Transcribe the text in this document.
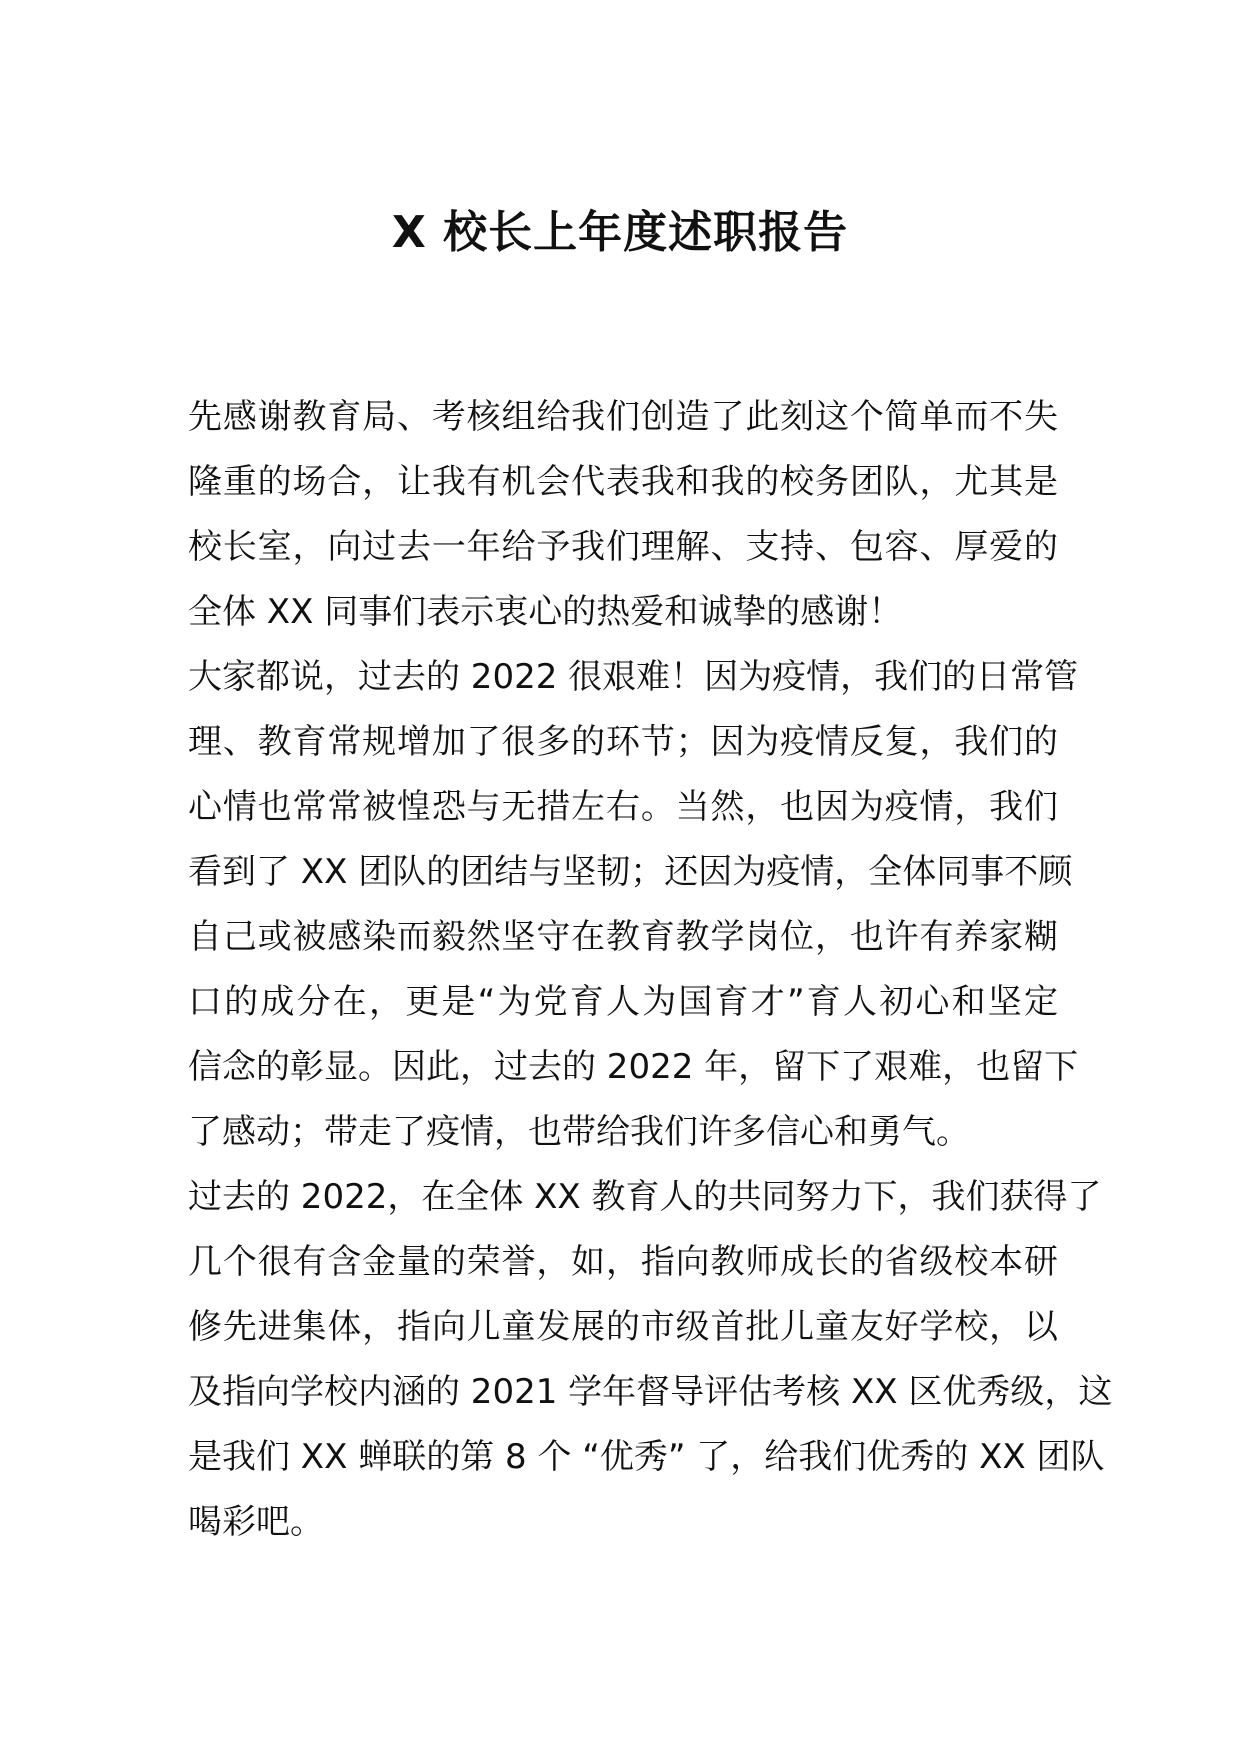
X 校长上年度述职报告
先感谢教育局、考核组给我们创造了此刻这个简单而不失
隆重的场合，让我有机会代表我和我的校务团队，尤其是
校长室，向过去一年给予我们理解、支持、包容、厚爱的
全体 XX 同事们表示衷心的热爱和诚挚的感谢！
大家都说，过去的 2022 很艰难！因为疫情，我们的日常管
理、教育常规增加了很多的环节；因为疫情反复，我们的
心情也常常被惶恐与无措左右。当然，也因为疫情，我们
看到了 XX 团队的团结与坚韧；还因为疫情，全体同事不顾
自己或被感染而毅然坚守在教育教学岗位，也许有养家糊
口的成分在，更是“为党育人为国育才”育人初心和坚定
信念的彰显。因此，过去的 2022 年，留下了艰难，也留下
了感动；带走了疫情，也带给我们许多信心和勇气。
过去的 2022，在全体 XX 教育人的共同努力下，我们获得了
几个很有含金量的荣誉，如，指向教师成长的省级校本研
修先进集体，指向儿童发展的市级首批儿童友好学校，以
及指向学校内涵的 2021 学年督导评估考核 XX 区优秀级，这
是我们 XX 蝉联的第 8 个 “优秀” 了，给我们优秀的 XX 团队
喝彩吧。
